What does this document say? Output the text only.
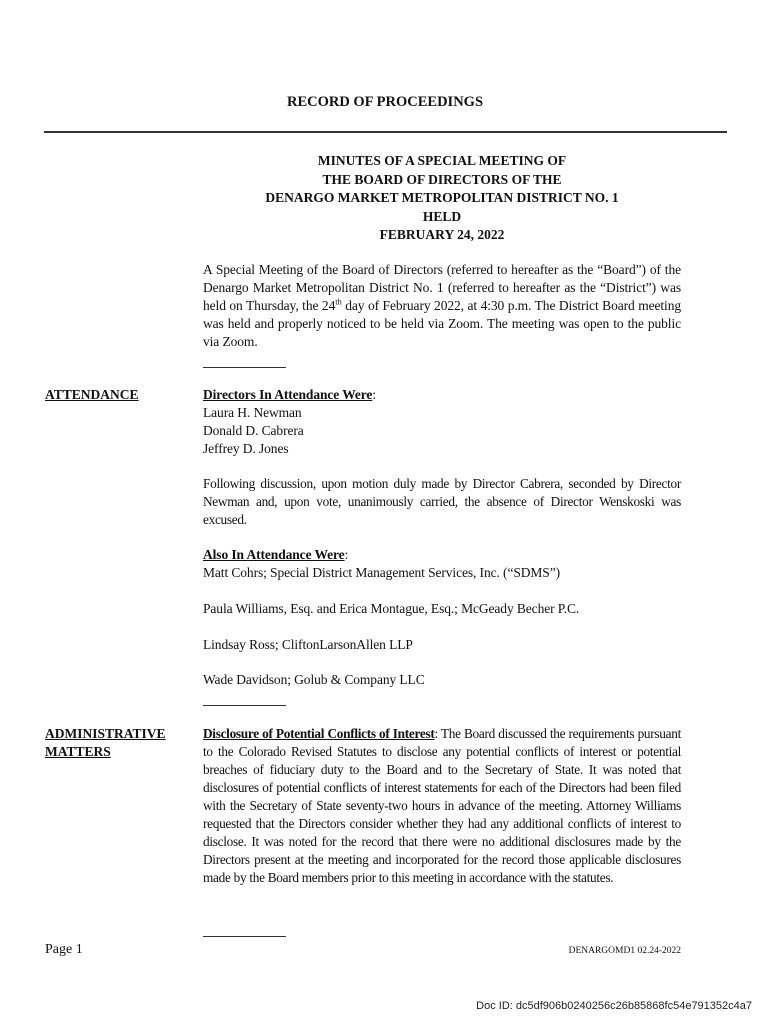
RECORD OF PROCEEDINGS
MINUTES OF A SPECIAL MEETING OF
THE BOARD OF DIRECTORS OF THE
DENARGO MARKET METROPOLITAN DISTRICT NO. 1
HELD
FEBRUARY 24, 2022
A Special Meeting of the Board of Directors (referred to hereafter as the “Board”) of the Denargo Market Metropolitan District No. 1 (referred to hereafter as the “District”) was held on Thursday, the 24th day of February 2022, at 4:30 p.m. The District Board meeting was held and properly noticed to be held via Zoom. The meeting was open to the public via Zoom.
ATTENDANCE	Directors In Attendance Were:
Laura H. Newman
Donald D. Cabrera
Jeffrey D. Jones
Following discussion, upon motion duly made by Director Cabrera, seconded by Director Newman and, upon vote, unanimously carried, the absence of Director Wenskoski was excused.
Also In Attendance Were:
Matt Cohrs; Special District Management Services, Inc. (“SDMS”)
Paula Williams, Esq. and Erica Montague, Esq.; McGeady Becher P.C.
Lindsay Ross; CliftonLarsonAllen LLP
Wade Davidson; Golub & Company LLC
ADMINISTRATIVE
MATTERS
Disclosure of Potential Conflicts of Interest: The Board discussed the requirements pursuant to the Colorado Revised Statutes to disclose any potential conflicts of interest or potential breaches of fiduciary duty to the Board and to the Secretary of State. It was noted that disclosures of potential conflicts of interest statements for each of the Directors had been filed with the Secretary of State seventy-two hours in advance of the meeting. Attorney Williams requested that the Directors consider whether they had any additional conflicts of interest to disclose. It was noted for the record that there were no additional disclosures made by the Directors present at the meeting and incorporated for the record those applicable disclosures made by the Board members prior to this meeting in accordance with the statutes.
Page 1	DENARGOMD1 02.24-2022
Doc ID: dc5df906b0240256c26b85868fc54e791352c4a7
